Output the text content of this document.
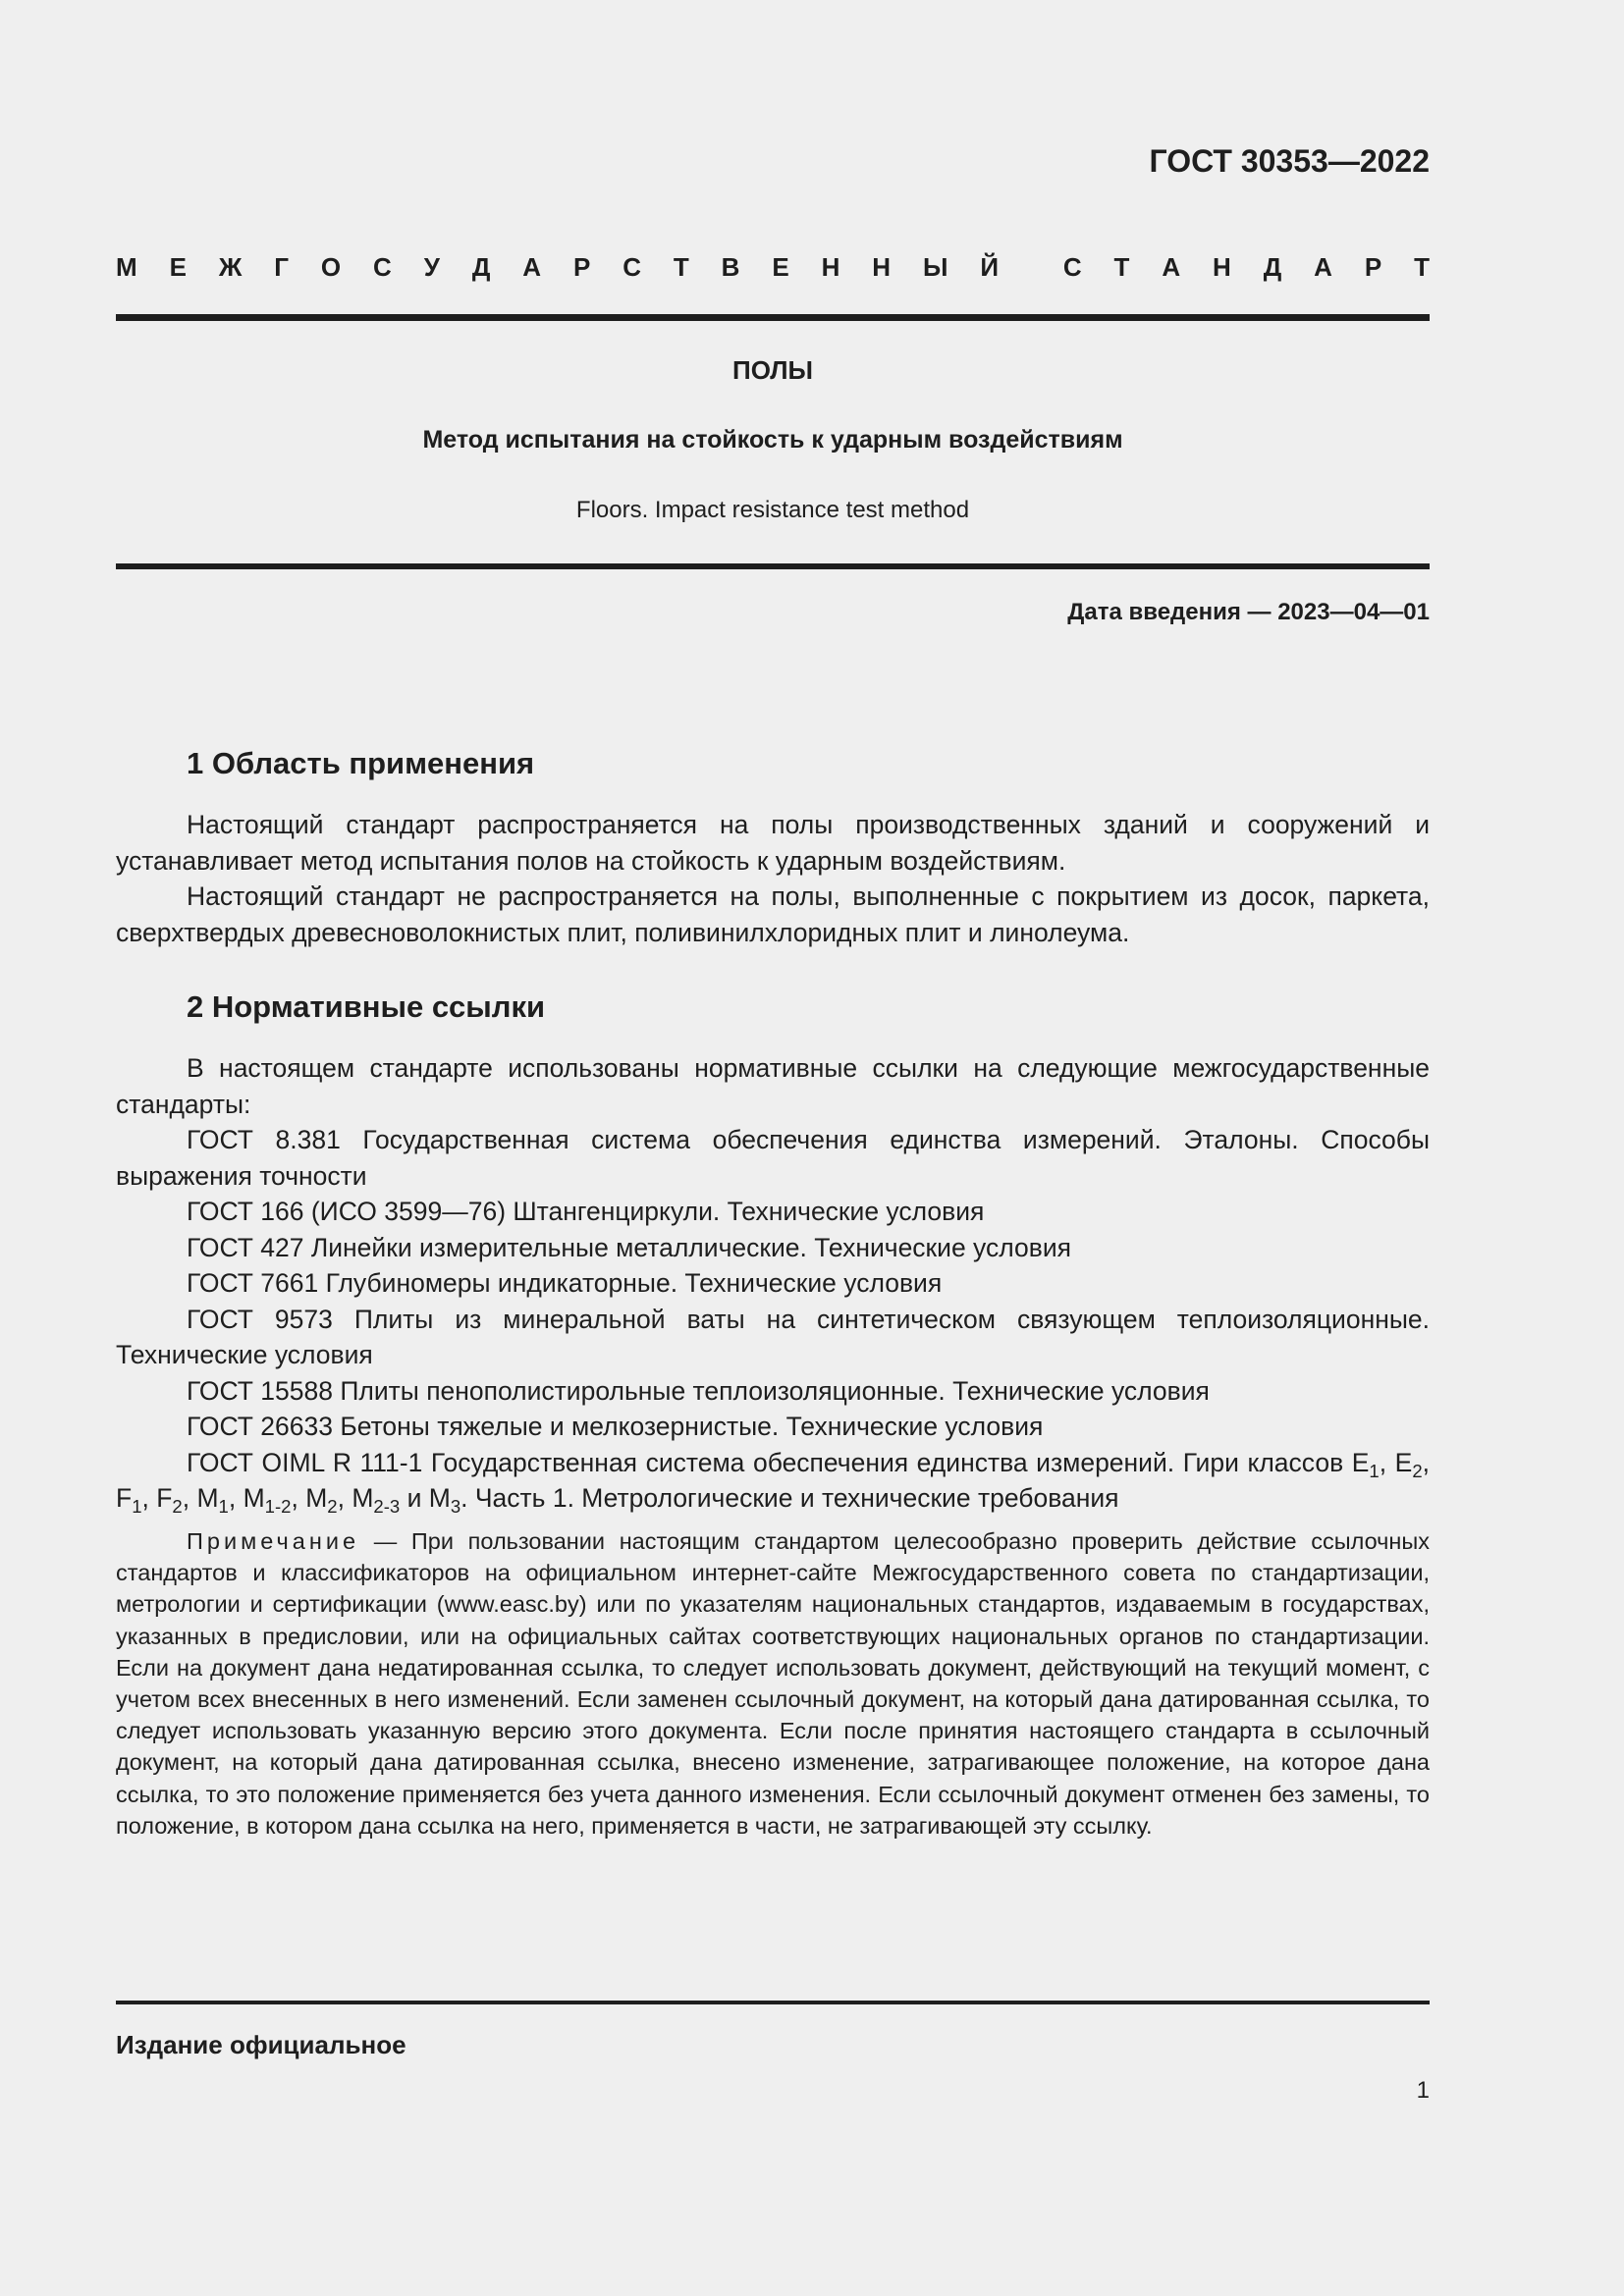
ГОСТ 30353—2022
М Е Ж Г О С У Д А Р С Т В Е Н Н Ы Й	С Т А Н Д А Р Т
ПОЛЫ
Метод испытания на стойкость к ударным воздействиям
Floors. Impact resistance test method
Дата введения — 2023—04—01
1 Область применения

Настоящий стандарт распространяется на полы производственных зданий и сооружений и устанавливает метод испытания полов на стойкость к ударным воздействиям.

Настоящий стандарт не распространяется на полы, выполненные с покрытием из досок, паркета, сверхтвердых древесноволокнистых плит, поливинилхлоридных плит и линолеума.

2 Нормативные ссылки

В настоящем стандарте использованы нормативные ссылки на следующие межгосударственные стандарты:

ГОСТ 8.381 Государственная система обеспечения единства измерений. Эталоны. Способы выражения точности

ГОСТ 166 (ИСО 3599—76) Штангенциркули. Технические условия

ГОСТ 427 Линейки измерительные металлические. Технические условия

ГОСТ 7661 Глубиномеры индикаторные. Технические условия

ГОСТ 9573 Плиты из минеральной ваты на синтетическом связующем теплоизоляционные. Технические условия

ГОСТ 15588 Плиты пенополистирольные теплоизоляционные. Технические условия

ГОСТ 26633 Бетоны тяжелые и мелкозернистые. Технические условия

ГОСТ OIML R 111-1 Государственная система обеспечения единства измерений. Гири классов $E_1$, $E_2$, $F_1$, $F_2$, $M_1$, $M_{1-2}$, $M_2$, $M_{2-3}$ и $M_3$. Часть 1. Метрологические и технические требования

Примечание — При пользовании настоящим стандартом целесообразно проверить действие ссылочных стандартов и классификаторов на официальном интернет-сайте Межгосударственного совета по стандартизации, метрологии и сертификации (www.easc.by) или по указателям национальных стандартов, издаваемым в государствах, указанных в предисловии, или на официальных сайтах соответствующих национальных органов по стандартизации. Если на документ дана недатированная ссылка, то следует использовать документ, действующий на текущий момент, с учетом всех внесенных в него изменений. Если заменен ссылочный документ, на который дана датированная ссылка, то следует использовать указанную версию этого документа. Если после принятия настоящего стандарта в ссылочный документ, на который дана датированная ссылка, внесено изменение, затрагивающее положение, на которое дана ссылка, то это положение применяется без учета данного изменения. Если ссылочный документ отменен без замены, то положение, в котором дана ссылка на него, применяется в части, не затрагивающей эту ссылку.

Издание официальное
1
